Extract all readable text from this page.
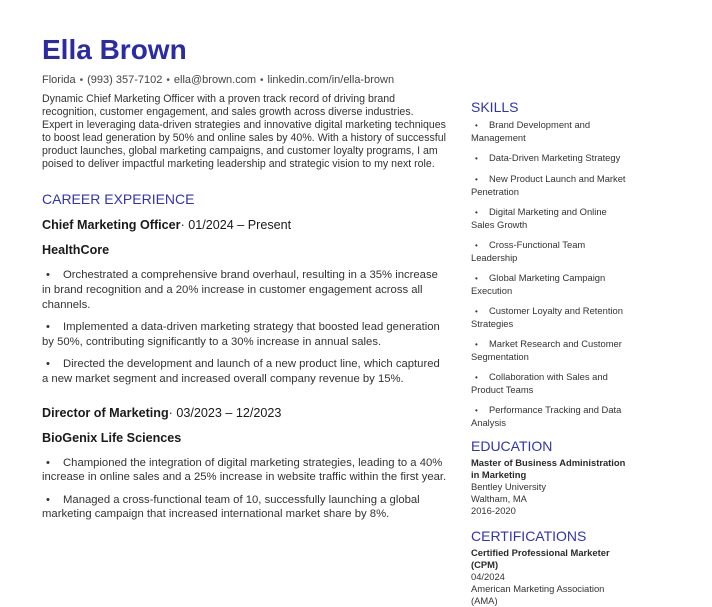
Ella Brown
Florida • (993) 357-7102 • ella@brown.com • linkedin.com/in/ella-brown

Dynamic Chief Marketing Officer with a proven track record of driving brand recognition, customer engagement, and sales growth across diverse industries. Expert in leveraging data-driven strategies and innovative digital marketing techniques to boost lead generation by 50% and online sales by 40%. With a history of successful product launches, global marketing campaigns, and customer loyalty programs, I am poised to deliver impactful marketing leadership and strategic vision to my next role.

CAREER EXPERIENCE
Chief Marketing Officer· 01/2024 – Present
HealthCore
• Orchestrated a comprehensive brand overhaul, resulting in a 35% increase in brand recognition and a 20% increase in customer engagement across all channels.
• Implemented a data-driven marketing strategy that boosted lead generation by 50%, contributing significantly to a 30% increase in annual sales.
• Directed the development and launch of a new product line, which captured a new market segment and increased overall company revenue by 15%.
Director of Marketing· 03/2023 – 12/2023
BioGenix Life Sciences
• Championed the integration of digital marketing strategies, leading to a 40% increase in online sales and a 25% increase in website traffic within the first year.
• Managed a cross-functional team of 10, successfully launching a global marketing campaign that increased international market share by 8%.
SKILLS
• Brand Development and Management
• Data-Driven Marketing Strategy
• New Product Launch and Market Penetration
• Digital Marketing and Online Sales Growth
• Cross-Functional Team Leadership
• Global Marketing Campaign Execution
• Customer Loyalty and Retention Strategies
• Market Research and Customer Segmentation
• Collaboration with Sales and Product Teams
• Performance Tracking and Data Analysis
EDUCATION
Master of Business Administration in Marketing
Bentley University
Waltham, MA
2016-2020
CERTIFICATIONS
Certified Professional Marketer (CPM)
04/2024
American Marketing Association (AMA)
